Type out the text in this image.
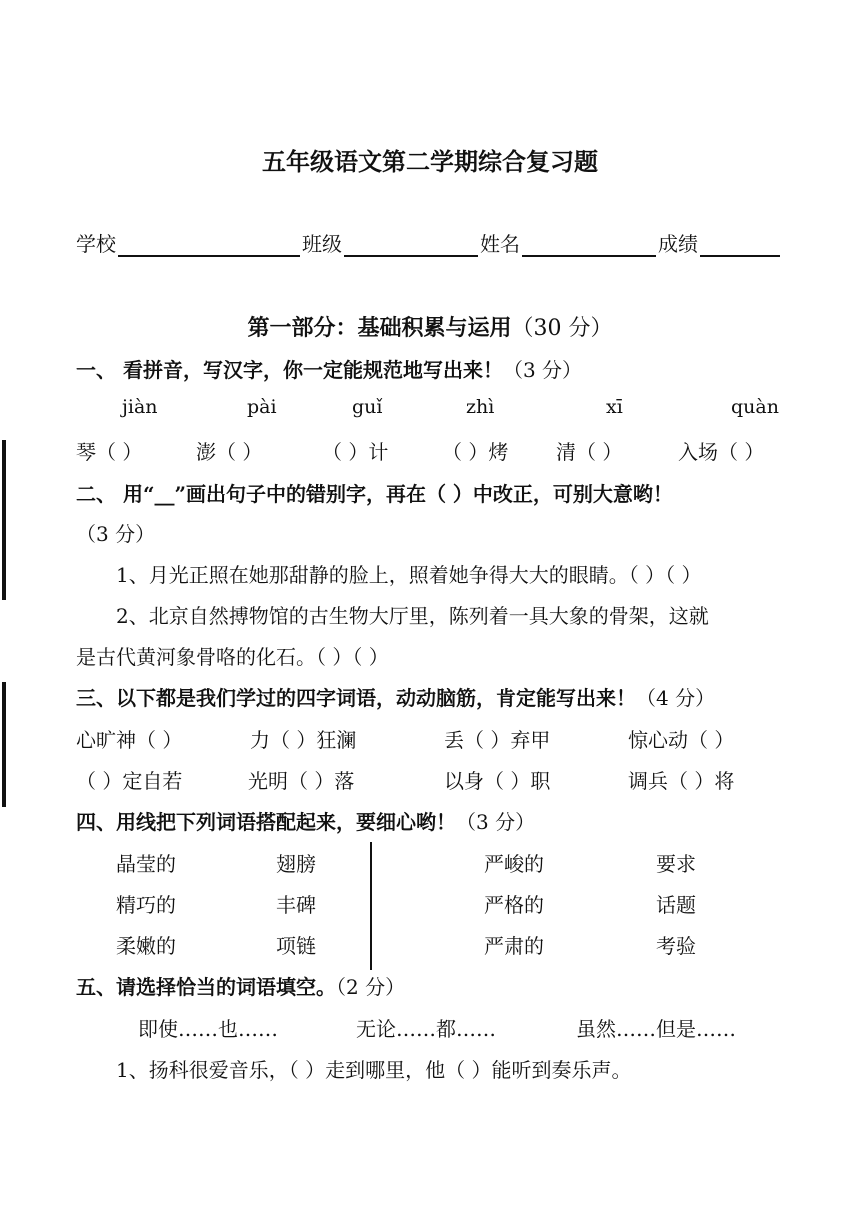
五年级语文第二学期综合复习题
学校	班级	姓名	成绩
第一部分：基础积累与运用（30 分）
一、 看拼音，写汉字，你一定能规范地写出来！（3 分）
jiàn	pài	guǐ	zhì	xī	quàn
琴（ ）	澎（ ）	（ ）计	（ ）烤 清（ ）	入场（ ）
二、 用“__”画出句子中的错别字，再在（ ）中改正，可别大意哟！
（3 分）
1、月光正照在她那甜静的脸上，照着她争得大大的眼睛。（ ）（ ）
2、北京自然搏物馆的古生物大厅里，陈列着一具大象的骨架，这就
是古代黄河象骨咯的化石。（ ）（ ）
三、以下都是我们学过的四字词语，动动脑筋，肯定能写出来！（4 分）
心旷神（ ）	力（ ）狂澜	丢（ ）弃甲	惊心动（ ）
（ ）定自若	光明（ ）落	以身（ ）职	调兵（ ）将
四、用线把下列词语搭配起来，要细心哟！（3 分）
晶莹的	翅膀	严峻的	要求
精巧的	丰碑	严格的	话题
柔嫩的	项链	严肃的	考验
五、请选择恰当的词语填空。（2 分）
即使……也……	无论……都……	虽然……但是……
1、扬科很爱音乐，（ ）走到哪里，他（ ）能听到奏乐声。
